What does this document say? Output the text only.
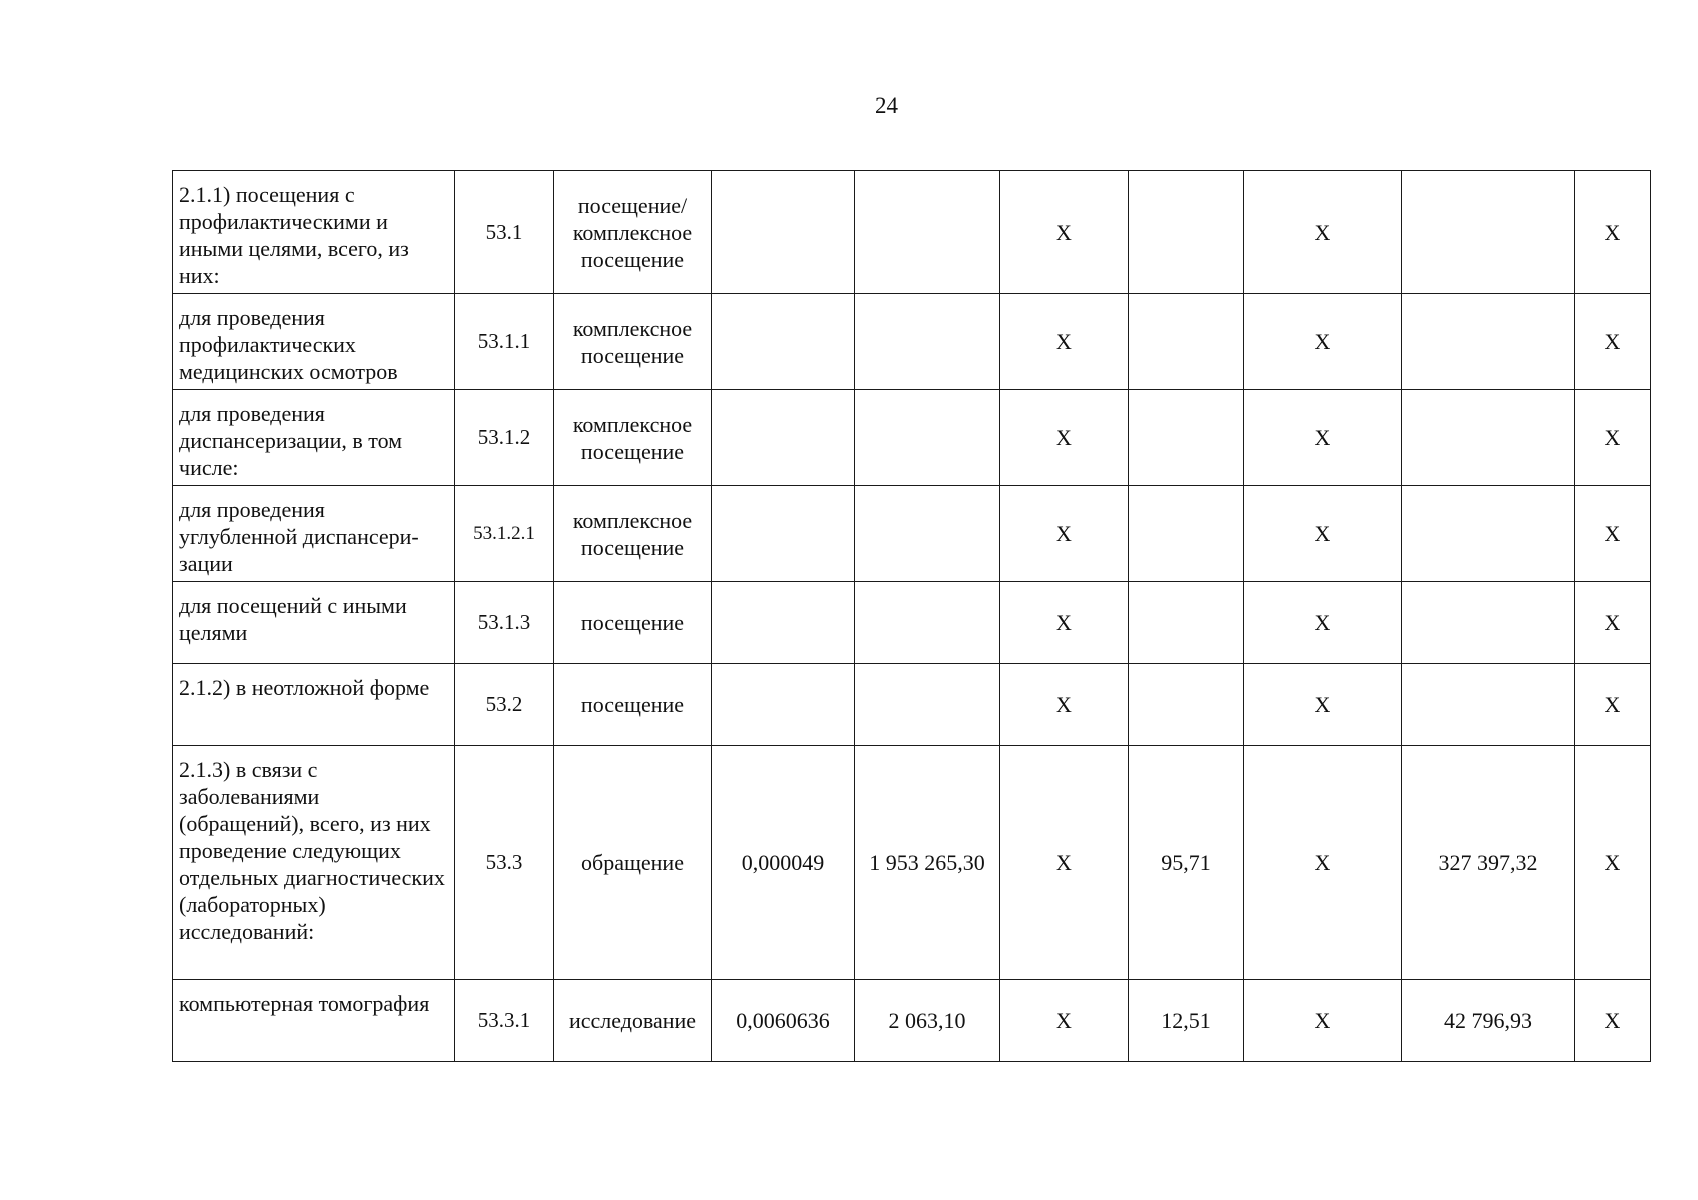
24
2.1.1) посещения с профилактическими и иными целями, всего, из них:	53.1	посещение/ комплексное посещение			Х		Х		Х
для проведения профилактических медицинских осмотров	53.1.1	комплексное посещение			Х		Х		Х
для проведения диспансеризации, в том числе:	53.1.2	комплексное посещение			Х		Х		Х
для проведения углубленной диспансери-зации	53.1.2.1	комплексное посещение			Х		Х		Х
для посещений с иными целями	53.1.3	посещение			Х		Х		Х
2.1.2) в неотложной форме	53.2	посещение			Х		Х		Х
2.1.3) в связи с заболеваниями (обращений), всего, из них проведение следующих отдельных диагностических (лабораторных) исследований:	53.3	обращение	0,000049	1 953 265,30	Х	95,71	Х	327 397,32	Х
компьютерная томография	53.3.1	исследование	0,0060636	2 063,10	Х	12,51	Х	42 796,93	Х
